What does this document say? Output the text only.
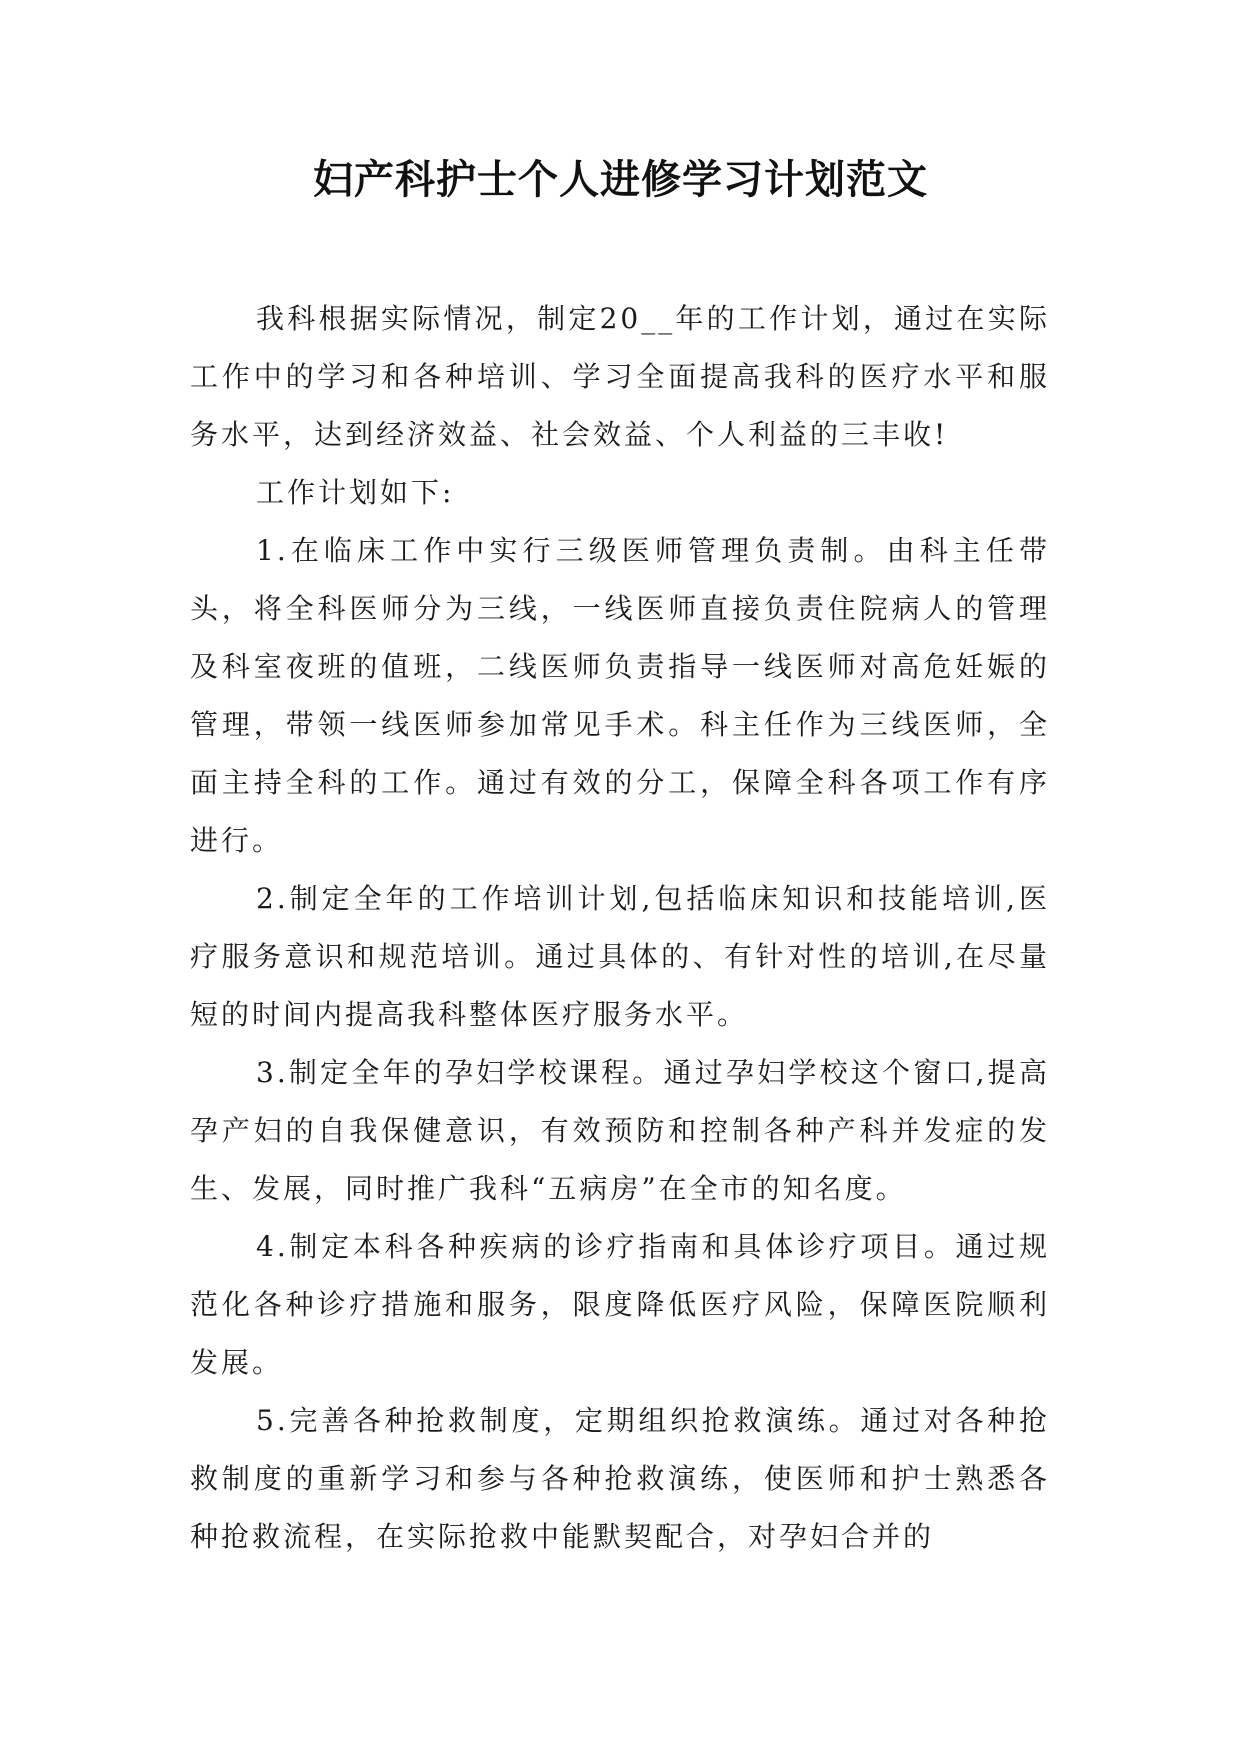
妇产科护士个人进修学习计划范文

我科根据实际情况，制定20__年的工作计划，通过在实际工作中的学习和各种培训、学习全面提高我科的医疗水平和服务水平，达到经济效益、社会效益、个人利益的三丰收!

工作计划如下:

1.在临床工作中实行三级医师管理负责制。由科主任带头，将全科医师分为三线，一线医师直接负责住院病人的管理及科室夜班的值班，二线医师负责指导一线医师对高危妊娠的管理，带领一线医师参加常见手术。科主任作为三线医师，全面主持全科的工作。通过有效的分工，保障全科各项工作有序进行。

2.制定全年的工作培训计划,包括临床知识和技能培训,医疗服务意识和规范培训。通过具体的、有针对性的培训,在尽量短的时间内提高我科整体医疗服务水平。

3.制定全年的孕妇学校课程。通过孕妇学校这个窗口,提高孕产妇的自我保健意识，有效预防和控制各种产科并发症的发生、发展，同时推广我科“五病房”在全市的知名度。

4.制定本科各种疾病的诊疗指南和具体诊疗项目。通过规范化各种诊疗措施和服务，限度降低医疗风险，保障医院顺利发展。

5.完善各种抢救制度，定期组织抢救演练。通过对各种抢救制度的重新学习和参与各种抢救演练，使医师和护士熟悉各种抢救流程，在实际抢救中能默契配合，对孕妇合并的
